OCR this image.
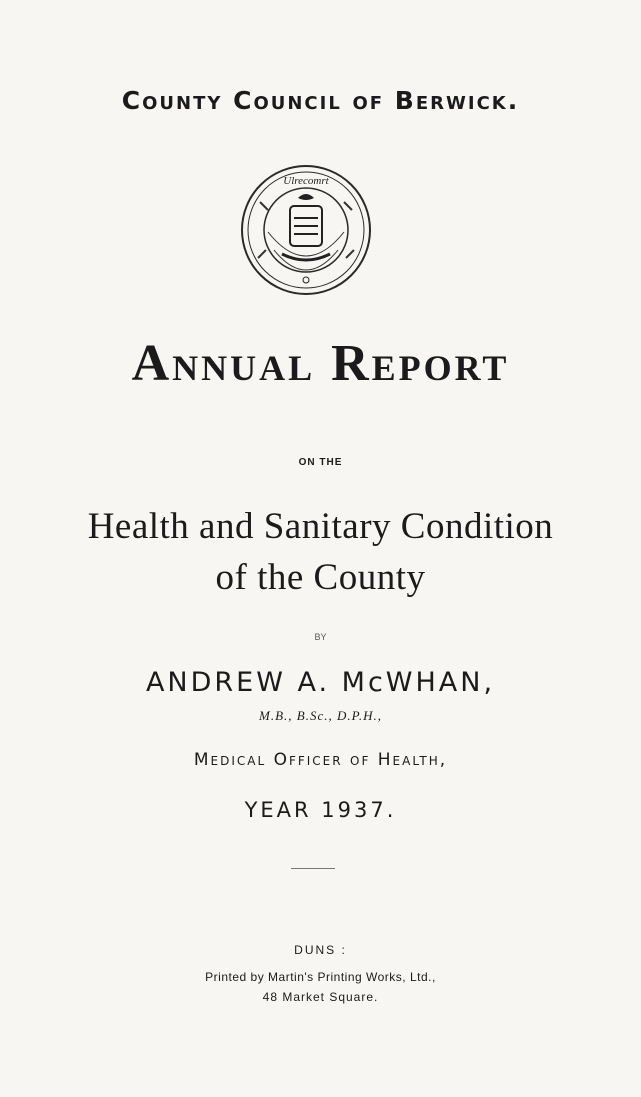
County Council of Berwick.
Ulrecomrt
Annual Report
ON THE
Health and Sanitary Condition
of the County
BY
ANDREW A. McWHAN,
M.B., B.Sc., D.P.H.,
Medical Officer of Health,
YEAR 1937.
DUNS :
Printed by Martin's Printing Works, Ltd.,
48 Market Square.
